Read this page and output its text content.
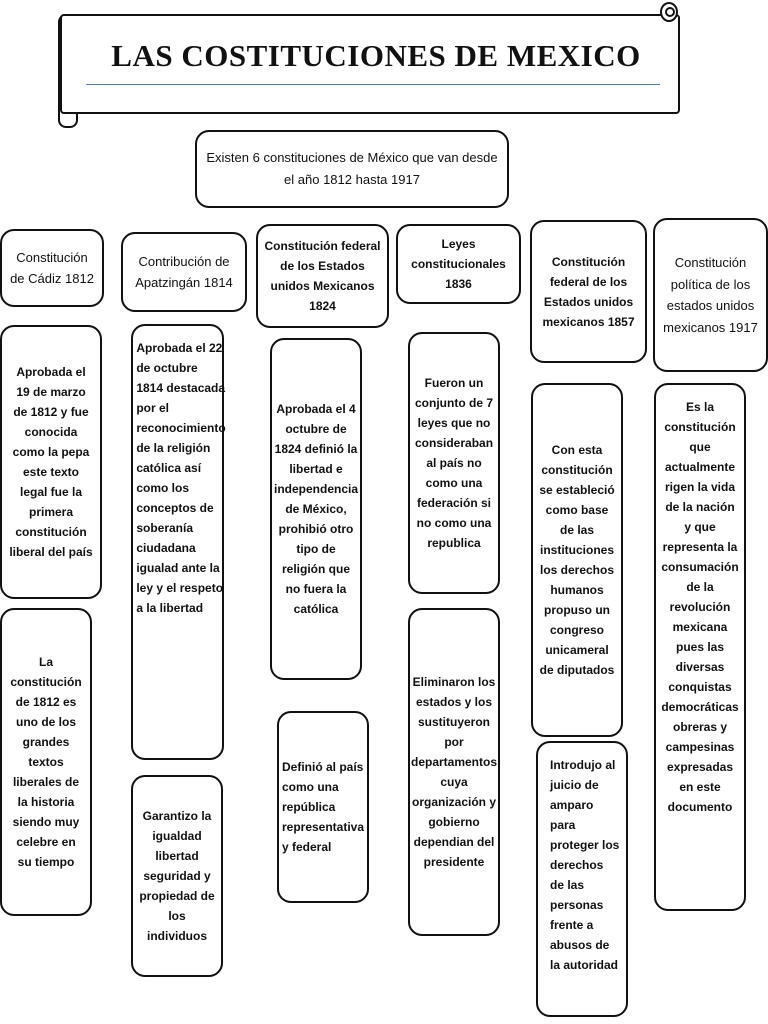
LAS COSTITUCIONES DE MEXICO
Existen 6 constituciones de México que van desde el año 1812 hasta 1917
Constitución de Cádiz 1812
Aprobada el 19 de marzo de 1812 y fue conocida como la pepa este texto legal fue la primera constitución liberal del país
La constitución de 1812 es uno de los grandes textos liberales de la historia siendo muy celebre en su tiempo
Contribución de Apatzingán 1814
Aprobada el 22 de octubre 1814 destacada por el reconocimiento de la religión católica así como los conceptos de soberanía ciudadana igualad ante la ley y el respeto a la libertad
Garantizo la igualdad libertad seguridad y propiedad de los individuos
Constitución federal de los Estados unidos Mexicanos 1824
Aprobada el 4 octubre de 1824 definió la libertad e independencia de México, prohibió otro tipo de religión que no fuera la católica
Definió al país como una república representativa y federal
Leyes constitucionales 1836
Fueron un conjunto de 7 leyes que no consideraban al país no como una federación si no como una republica
Eliminaron los estados y los sustituyeron por departamentos cuya organización y gobierno dependian del presidente
Constitución federal de los Estados unidos mexicanos 1857
Con esta constitución se estableció como base de las instituciones los derechos humanos propuso un congreso unicameral de diputados
Introdujo al juicio de amparo para proteger los derechos de las personas frente a abusos de la autoridad
Constitución política de los estados unidos mexicanos 1917
Es la constitución que actualmente rigen la vida de la nación y que representa la consumación de la revolución mexicana pues las diversas conquistas democráticas obreras y campesinas expresadas en este documento
